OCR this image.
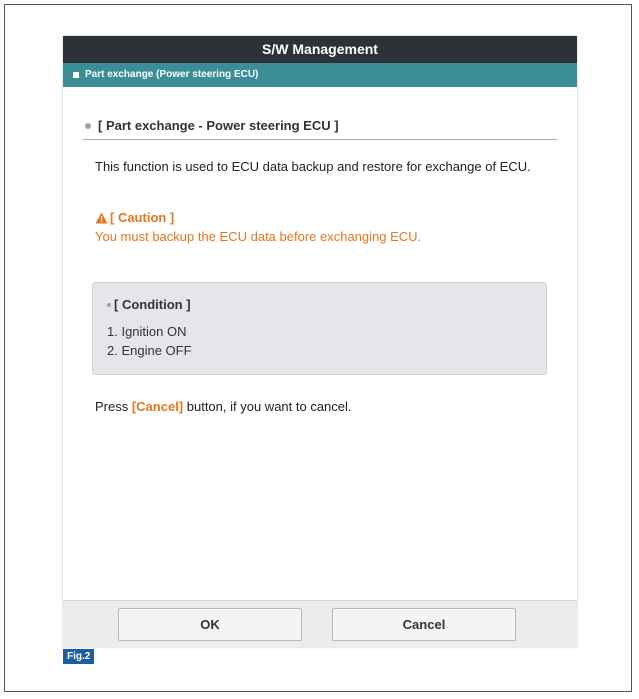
S/W Management
Part exchange (Power steering ECU)
[ Part exchange - Power steering ECU ]
This function is used to ECU data backup and restore for exchange of ECU.
[ Caution ]
You must backup the ECU data before exchanging ECU.
[ Condition ]
1. Ignition ON
2. Engine OFF
Press [Cancel] button, if you want to cancel.
OK	Cancel
Fig.2
